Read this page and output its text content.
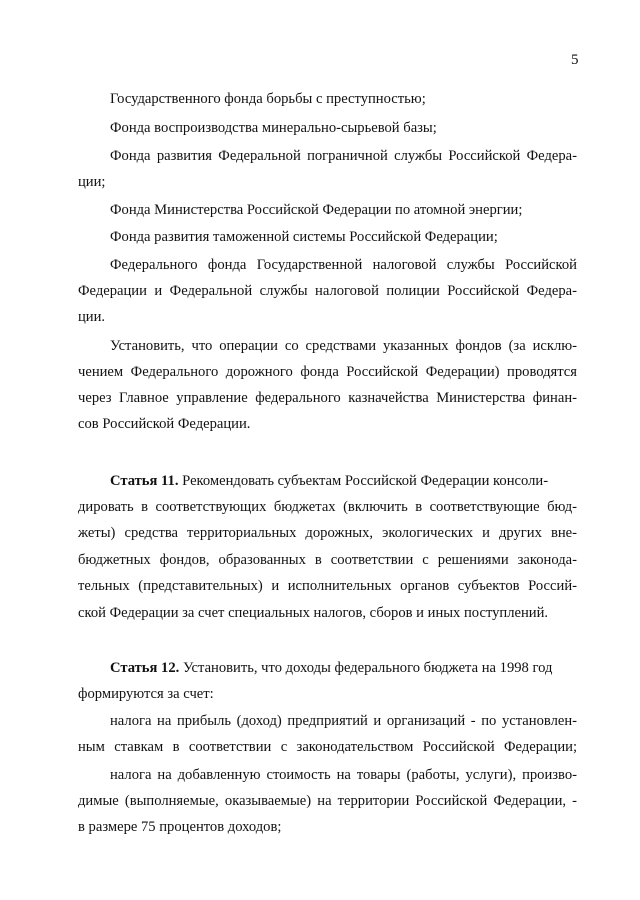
5
Государственного фонда борьбы с преступностью;
Фонда воспроизводства минерально-сырьевой базы;
Фонда развития Федеральной пограничной службы Российской Федера-
ции;
Фонда Министерства Российской Федерации по атомной энергии;
Фонда развития таможенной системы Российской Федерации;
Федерального фонда Государственной налоговой службы Российской
Федерации и Федеральной службы налоговой полиции Российской Федера-
ции.
Установить, что операции со средствами указанных фондов (за исклю-
чением Федерального дорожного фонда Российской Федерации) проводятся
через Главное управление федерального казначейства Министерства финан-
сов Российской Федерации.
Статья 11. Рекомендовать субъектам Российской Федерации консоли-
дировать в соответствующих бюджетах (включить в соответствующие бюд-
жеты) средства территориальных дорожных, экологических и других вне-
бюджетных фондов, образованных в соответствии с решениями законода-
тельных (представительных) и исполнительных органов субъектов Россий-
ской Федерации за счет специальных налогов, сборов и иных поступлений.
Статья 12. Установить, что доходы федерального бюджета на 1998 год
формируются за счет:
налога на прибыль (доход) предприятий и организаций - по установлен-
ным ставкам в соответствии с законодательством Российской Федерации;
налога на добавленную стоимость на товары (работы, услуги), произво-
димые (выполняемые, оказываемые) на территории Российской Федерации, -
в размере 75 процентов доходов;
